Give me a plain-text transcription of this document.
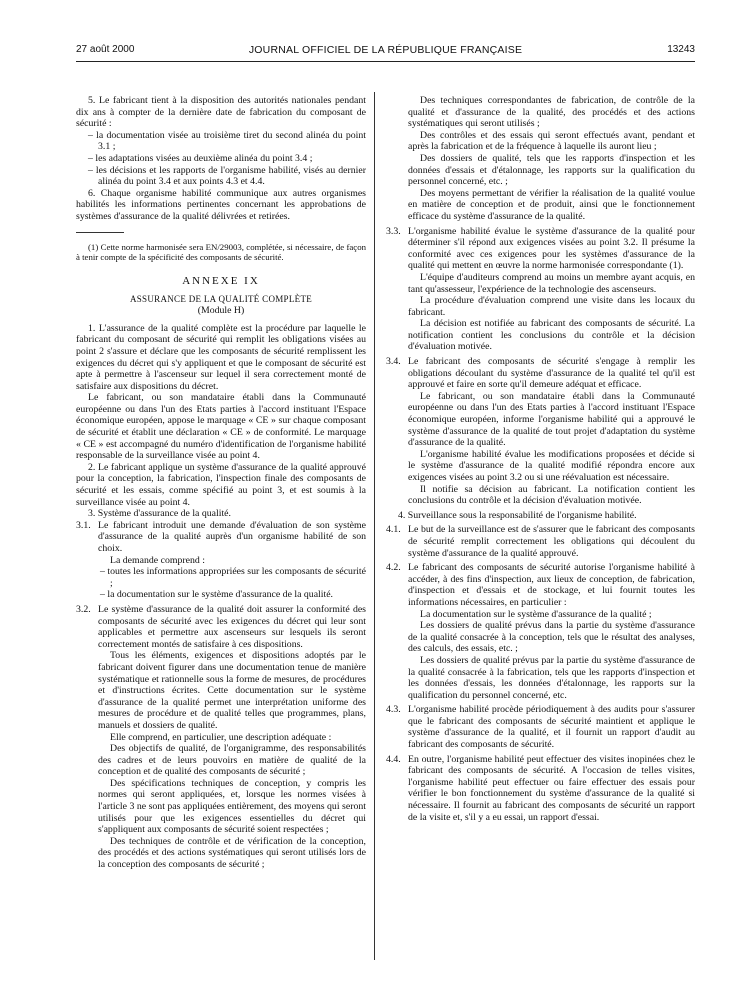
27 août 2000	JOURNAL OFFICIEL DE LA RÉPUBLIQUE FRANÇAISE	13243

5. Le fabricant tient à la disposition des autorités nationales pendant dix ans à compter de la dernière date de fabrication du composant de sécurité :

– la documentation visée au troisième tiret du second alinéa du point 3.1 ;

– les adaptations visées au deuxième alinéa du point 3.4 ;

– les décisions et les rapports de l'organisme habilité, visés au dernier alinéa du point 3.4 et aux points 4.3 et 4.4.

6. Chaque organisme habilité communique aux autres organismes habilités les informations pertinentes concernant les approbations de systèmes d'assurance de la qualité délivrées et retirées.

(1) Cette norme harmonisée sera EN/29003, complétée, si nécessaire, de façon à tenir compte de la spécificité des composants de sécurité.

ANNEXE IX

ASSURANCE DE LA QUALITÉ COMPLÈTE

(Module H)

1. L'assurance de la qualité complète est la procédure par laquelle le fabricant du composant de sécurité qui remplit les obligations visées au point 2 s'assure et déclare que les composants de sécurité remplissent les exigences du décret qui s'y appliquent et que le composant de sécurité est apte à permettre à l'ascenseur sur lequel il sera correctement monté de satisfaire aux dispositions du décret.

Le fabricant, ou son mandataire établi dans la Communauté européenne ou dans l'un des Etats parties à l'accord instituant l'Espace économique européen, appose le marquage « CE » sur chaque composant de sécurité et établit une déclaration « CE » de conformité. Le marquage « CE » est accompagné du numéro d'identification de l'organisme habilité responsable de la surveillance visée au point 4.

2. Le fabricant applique un système d'assurance de la qualité approuvé pour la conception, la fabrication, l'inspection finale des composants de sécurité et les essais, comme spécifié au point 3, et est soumis à la surveillance visée au point 4.

3. Système d'assurance de la qualité.

3.1. Le fabricant introduit une demande d'évaluation de son système d'assurance de la qualité auprès d'un organisme habilité de son choix.

La demande comprend :

– toutes les informations appropriées sur les composants de sécurité ;

– la documentation sur le système d'assurance de la qualité.

3.2. Le système d'assurance de la qualité doit assurer la conformité des composants de sécurité avec les exigences du décret qui leur sont applicables et permettre aux ascenseurs sur lesquels ils seront correctement montés de satisfaire à ces dispositions.

Tous les éléments, exigences et dispositions adoptés par le fabricant doivent figurer dans une documentation tenue de manière systématique et rationnelle sous la forme de mesures, de procédures et d'instructions écrites. Cette documentation sur le système d'assurance de la qualité permet une interprétation uniforme des mesures de procédure et de qualité telles que programmes, plans, manuels et dossiers de qualité.

Elle comprend, en particulier, une description adéquate :

Des objectifs de qualité, de l'organigramme, des responsabilités des cadres et de leurs pouvoirs en matière de qualité de la conception et de qualité des composants de sécurité ;

Des spécifications techniques de conception, y compris les normes qui seront appliquées, et, lorsque les normes visées à l'article 3 ne sont pas appliquées entièrement, des moyens qui seront utilisés pour que les exigences essentielles du décret qui s'appliquent aux composants de sécurité soient respectées ;

Des techniques de contrôle et de vérification de la conception, des procédés et des actions systématiques qui seront utilisés lors de la conception des composants de sécurité ;

Des techniques correspondantes de fabrication, de contrôle de la qualité et d'assurance de la qualité, des procédés et des actions systématiques qui seront utilisés ;

Des contrôles et des essais qui seront effectués avant, pendant et après la fabrication et de la fréquence à laquelle ils auront lieu ;

Des dossiers de qualité, tels que les rapports d'inspection et les données d'essais et d'étalonnage, les rapports sur la qualification du personnel concerné, etc. ;

Des moyens permettant de vérifier la réalisation de la qualité voulue en matière de conception et de produit, ainsi que le fonctionnement efficace du système d'assurance de la qualité.

3.3. L'organisme habilité évalue le système d'assurance de la qualité pour déterminer s'il répond aux exigences visées au point 3.2. Il présume la conformité avec ces exigences pour les systèmes d'assurance de la qualité qui mettent en œuvre la norme harmonisée correspondante (1).

L'équipe d'auditeurs comprend au moins un membre ayant acquis, en tant qu'assesseur, l'expérience de la technologie des ascenseurs.

La procédure d'évaluation comprend une visite dans les locaux du fabricant.

La décision est notifiée au fabricant des composants de sécurité. La notification contient les conclusions du contrôle et la décision d'évaluation motivée.

3.4. Le fabricant des composants de sécurité s'engage à remplir les obligations découlant du système d'assurance de la qualité tel qu'il est approuvé et faire en sorte qu'il demeure adéquat et efficace.

Le fabricant, ou son mandataire établi dans la Communauté européenne ou dans l'un des Etats parties à l'accord instituant l'Espace économique européen, informe l'organisme habilité qui a approuvé le système d'assurance de la qualité de tout projet d'adaptation du système d'assurance de la qualité.

L'organisme habilité évalue les modifications proposées et décide si le système d'assurance de la qualité modifié répondra encore aux exigences visées au point 3.2 ou si une réévaluation est nécessaire.

Il notifie sa décision au fabricant. La notification contient les conclusions du contrôle et la décision d'évaluation motivée.

4. Surveillance sous la responsabilité de l'organisme habilité.

4.1. Le but de la surveillance est de s'assurer que le fabricant des composants de sécurité remplit correctement les obligations qui découlent du système d'assurance de la qualité approuvé.
4.2. Le fabricant des composants de sécurité autorise l'organisme habilité à accéder, à des fins d'inspection, aux lieux de conception, de fabrication, d'inspection et d'essais et de stockage, et lui fournit toutes les informations nécessaires, en particulier :

La documentation sur le système d'assurance de la qualité ;

Les dossiers de qualité prévus dans la partie du système d'assurance de la qualité consacrée à la conception, tels que le résultat des analyses, des calculs, des essais, etc. ;

Les dossiers de qualité prévus par la partie du système d'assurance de la qualité consacrée à la fabrication, tels que les rapports d'inspection et les données d'essais, les données d'étalonnage, les rapports sur la qualification du personnel concerné, etc.

4.3. L'organisme habilité procède périodiquement à des audits pour s'assurer que le fabricant des composants de sécurité maintient et applique le système d'assurance de la qualité, et il fournit un rapport d'audit au fabricant des composants de sécurité.
4.4. En outre, l'organisme habilité peut effectuer des visites inopinées chez le fabricant des composants de sécurité. A l'occasion de telles visites, l'organisme habilité peut effectuer ou faire effectuer des essais pour vérifier le bon fonctionnement du système d'assurance de la qualité si nécessaire. Il fournit au fabricant des composants de sécurité un rapport de la visite et, s'il y a eu essai, un rapport d'essai.
